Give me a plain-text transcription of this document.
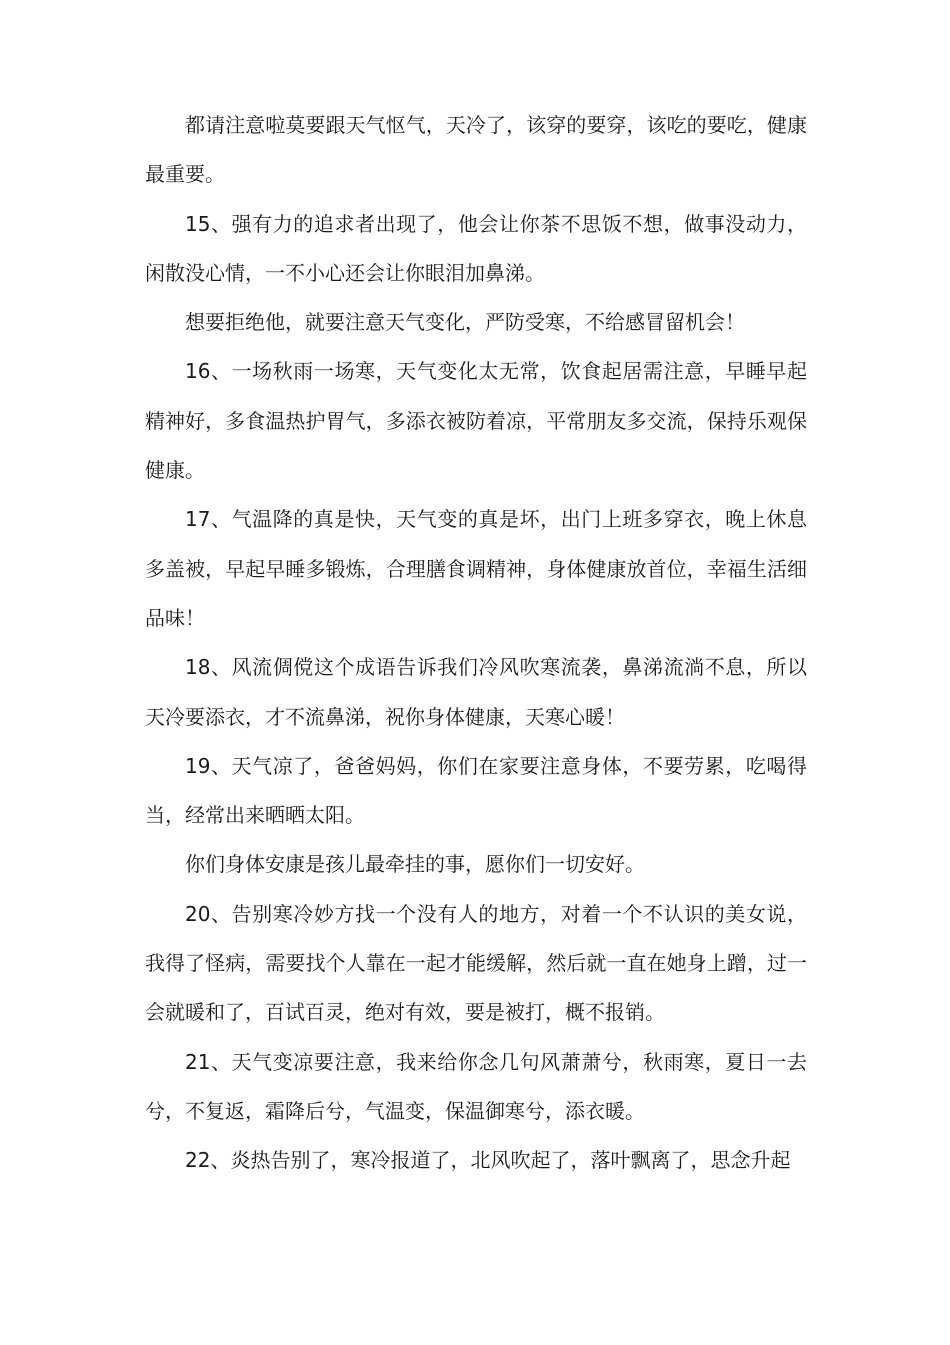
都请注意啦莫要跟天气怄气，天冷了，该穿的要穿，该吃的要吃，健康最重要。

15、强有力的追求者出现了，他会让你茶不思饭不想，做事没动力，闲散没心情，一不小心还会让你眼泪加鼻涕。

想要拒绝他，就要注意天气变化，严防受寒，不给感冒留机会！

16、一场秋雨一场寒，天气变化太无常，饮食起居需注意，早睡早起精神好，多食温热护胃气，多添衣被防着凉，平常朋友多交流，保持乐观保健康。

17、气温降的真是快，天气变的真是坏，出门上班多穿衣，晚上休息多盖被，早起早睡多锻炼，合理膳食调精神，身体健康放首位，幸福生活细品味！

18、风流倜傥这个成语告诉我们冷风吹寒流袭，鼻涕流淌不息，所以天冷要添衣，才不流鼻涕，祝你身体健康，天寒心暖！

19、天气凉了，爸爸妈妈，你们在家要注意身体，不要劳累，吃喝得当，经常出来晒晒太阳。

你们身体安康是孩儿最牵挂的事，愿你们一切安好。

20、告别寒冷妙方找一个没有人的地方，对着一个不认识的美女说，我得了怪病，需要找个人靠在一起才能缓解，然后就一直在她身上蹭，过一会就暖和了，百试百灵，绝对有效，要是被打，概不报销。

21、天气变凉要注意，我来给你念几句风萧萧兮，秋雨寒，夏日一去兮，不复返，霜降后兮，气温变，保温御寒兮，添衣暖。

22、炎热告别了，寒冷报道了，北风吹起了，落叶飘离了，思念升起
